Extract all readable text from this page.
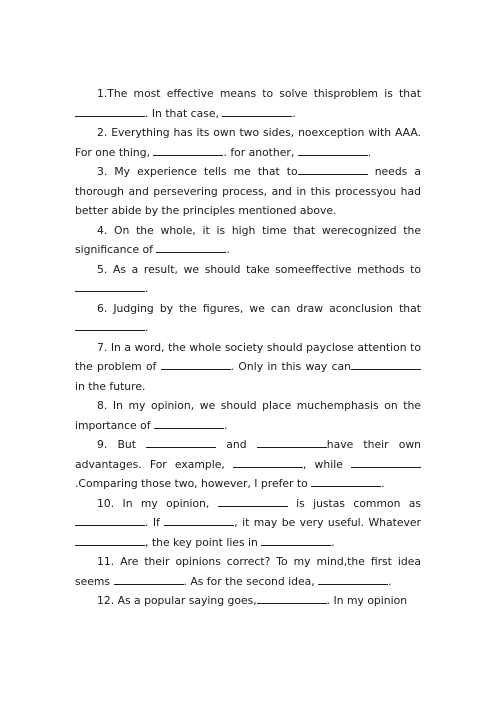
1.The most effective means to solve thisproblem is that . In that case,	.

2. Everything has its own two sides, noexception with AAA. For one thing,	. for another,	.

3. My experience tells me that to	needs a thorough and persevering process, and in this processyou had better abide by the principles mentioned above.

4. On the whole, it is high time that werecognized the significance of	.

5. As a result, we should take someeffective methods to .

6. Judging by the figures, we can draw aconclusion that .

7. In a word, the whole society should payclose attention to the problem of	. Only in this way can in the future.

8. In my opinion, we should place muchemphasis on the importance of	.

9. But	and	have their own advantages. For example,	, while .Comparing those two, however, I prefer to	.

10. In my opinion,	is justas common as . If	, it may be very useful. Whatever, the key point lies in	.

11. Are their opinions correct? To my mind,the first idea seems	. As for the second idea,	.

12. As a popular saying goes,	. In my opinion
